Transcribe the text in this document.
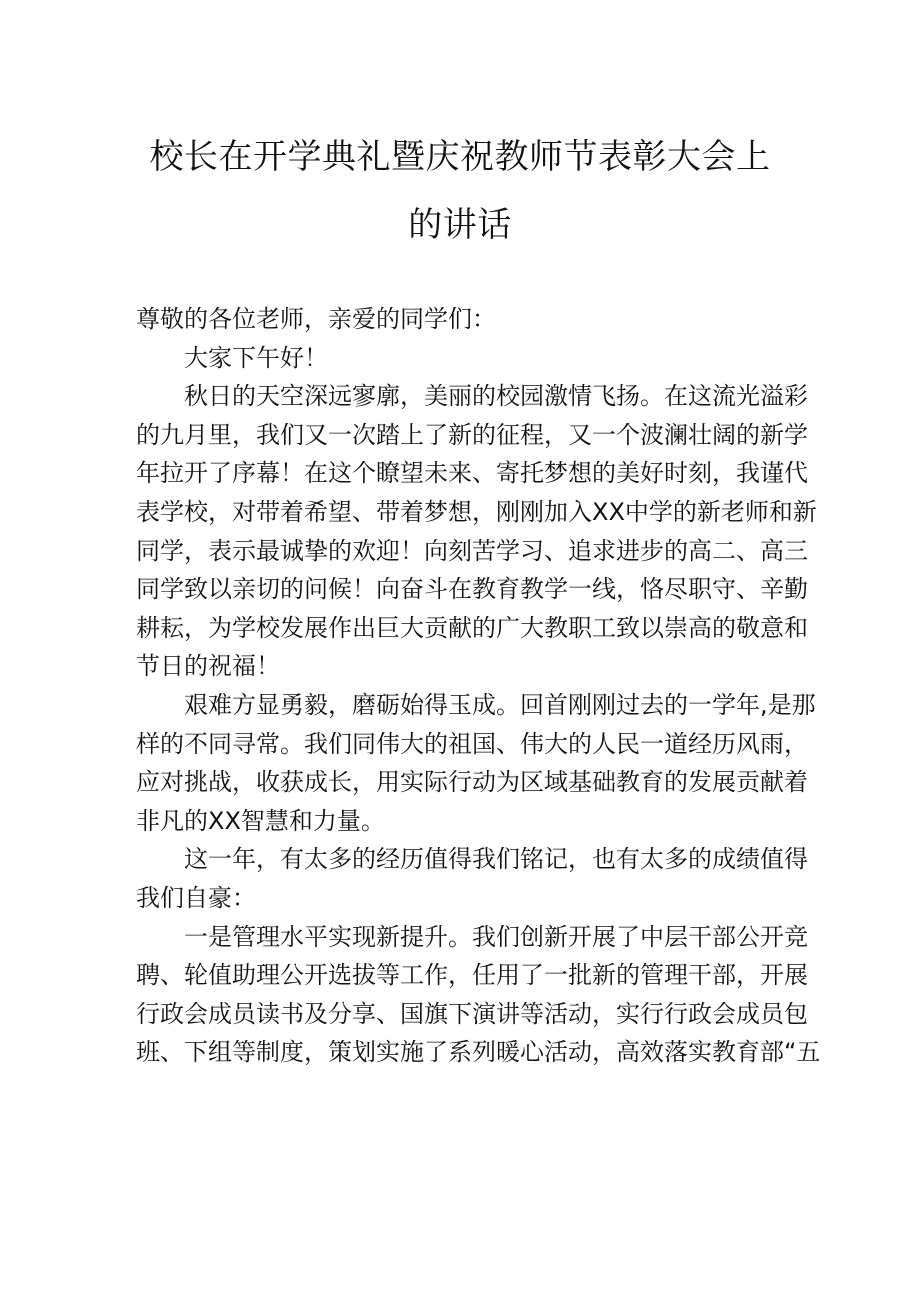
校长在开学典礼暨庆祝教师节表彰大会上
的讲话
尊敬的各位老师，亲爱的同学们：
大家下午好！
秋日的天空深远寥廓，美丽的校园激情飞扬。在这流光溢彩
的九月里，我们又一次踏上了新的征程，又一个波澜壮阔的新学
年拉开了序幕！在这个瞭望未来、寄托梦想的美好时刻，我谨代
表学校，对带着希望、带着梦想，刚刚加入XX中学的新老师和新
同学，表示最诚挚的欢迎！向刻苦学习、追求进步的高二、高三
同学致以亲切的问候！向奋斗在教育教学一线，恪尽职守、辛勤
耕耘，为学校发展作出巨大贡献的广大教职工致以崇高的敬意和
节日的祝福！
艰难方显勇毅，磨砺始得玉成。回首刚刚过去的一学年,是那
样的不同寻常。我们同伟大的祖国、伟大的人民一道经历风雨，
应对挑战，收获成长，用实际行动为区域基础教育的发展贡献着
非凡的XX智慧和力量。
这一年，有太多的经历值得我们铭记，也有太多的成绩值得
我们自豪：
一是管理水平实现新提升。我们创新开展了中层干部公开竞
聘、轮值助理公开选拔等工作，任用了一批新的管理干部，开展
行政会成员读书及分享、国旗下演讲等活动，实行行政会成员包
班、下组等制度，策划实施了系列暖心活动，高效落实教育部“五
